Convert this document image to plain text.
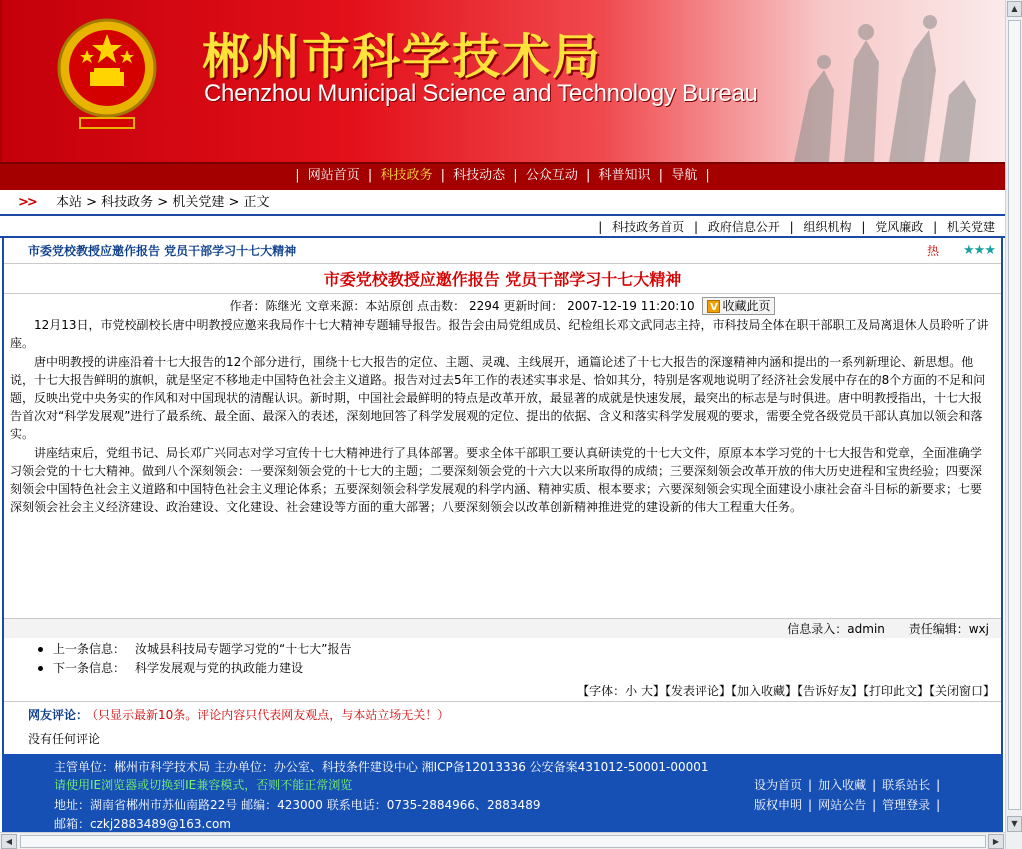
郴州市科学技术局
Chenzhou Municipal Science and Technology Bureau
| 网站首页 | 科技政务 | 科技动态 | 公众互动 | 科普知识 | 导航 |
>> 本站 > 科技政务 > 机关党建 > 正文
| 科技政务首页 | 政府信息公开 | 组织机构 | 党风廉政 | 机关党建
市委党校教授应邀作报告 党员干部学习十七大精神	热 ★★★
市委党校教授应邀作报告 党员干部学习十七大精神
作者：陈继光 文章来源：本站原创 点击数： 2294 更新时间： 2007-12-19 11:20:10 V 收藏此页

12月13日，市党校副校长唐中明教授应邀来我局作十七大精神专题辅导报告。报告会由局党组成员、纪检组长邓文武同志主持，市科技局全体在职干部职工及局离退休人员聆听了讲座。

唐中明教授的讲座沿着十七大报告的12个部分进行，围绕十七大报告的定位、主题、灵魂、主线展开，通篇论述了十七大报告的深邃精神内涵和提出的一系列新理论、新思想。他说，十七大报告鲜明的旗帜，就是坚定不移地走中国特色社会主义道路。报告对过去5年工作的表述实事求是、恰如其分，特别是客观地说明了经济社会发展中存在的8个方面的不足和问题，反映出党中央务实的作风和对中国现状的清醒认识。新时期，中国社会最鲜明的特点是改革开放，最显著的成就是快速发展，最突出的标志是与时俱进。唐中明教授指出，十七大报告首次对“科学发展观”进行了最系统、最全面、最深入的表述，深刻地回答了科学发展观的定位、提出的依据、含义和落实科学发展观的要求，需要全党各级党员干部认真加以领会和落实。

讲座结束后，党组书记、局长邓广兴同志对学习宣传十七大精神进行了具体部署。要求全体干部职工要认真研读党的十七大文件，原原本本学习党的十七大报告和党章，全面准确学习领会党的十七大精神。做到八个深刻领会：一要深刻领会党的十七大的主题；二要深刻领会党的十六大以来所取得的成绩；三要深刻领会改革开放的伟大历史进程和宝贵经验；四要深刻领会中国特色社会主义道路和中国特色社会主义理论体系；五要深刻领会科学发展观的科学内涵、精神实质、根本要求；六要深刻领会实现全面建设小康社会奋斗目标的新要求；七要深刻领会社会主义经济建设、政治建设、文化建设、社会建设等方面的重大部署；八要深刻领会以改革创新精神推进党的建设新的伟大工程重大任务。

信息录入：admin 责任编辑：wxj
上一条信息： 汝城县科技局专题学习党的“十七大”报告
下一条信息： 科学发展观与党的执政能力建设
【字体：小 大】【发表评论】【加入收藏】【告诉好友】【打印此文】【关闭窗口】
网友评论： （只显示最新10条。评论内容只代表网友观点，与本站立场无关！）
没有任何评论
主管单位：郴州市科学技术局 主办单位：办公室、科技条件建设中心 湘ICP备12013336 公安备案431012-50001-00001
请使用IE浏览器或切换到IE兼容模式，否则不能正常浏览
地址：湖南省郴州市苏仙南路22号 邮编：423000 联系电话：0735-2884966、2883489
邮箱：czkj2883489@163.com
设为首页 | 加入收藏 | 联系站长 |
版权申明 | 网站公告 | 管理登录 |
▲
▼
◀	▶
